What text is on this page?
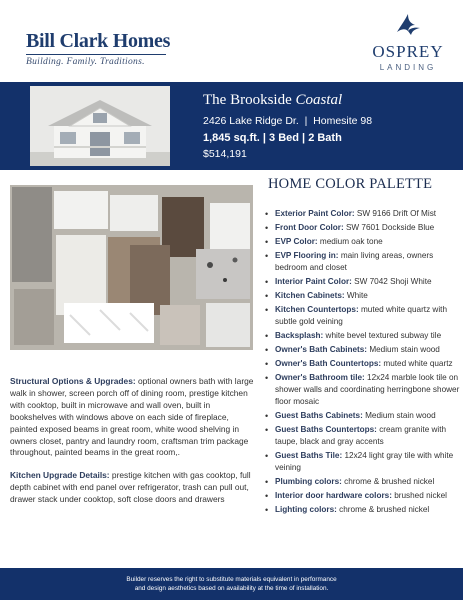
Bill Clark Homes
Building. Family. Traditions.
OSPREY
LANDING
The Brookside Coastal
2426 Lake Ridge Dr. | Homesite 98
1,845 sq.ft. | 3 Bed | 2 Bath
$514,191
HOME COLOR PALETTE
• Exterior Paint Color: SW 9166 Drift Of Mist
• Front Door Color: SW 7601 Dockside Blue
• EVP Color: medium oak tone
• EVP Flooring in: main living areas, owners bedroom and closet
• Interior Paint Color: SW 7042 Shoji White
• Kitchen Cabinets: White
• Kitchen Countertops: muted white quartz with subtle gold veining
• Backsplash: white bevel textured subway tile
• Owner's Bath Cabinets: Medium stain wood
• Owner's Bath Countertops: muted white quartz
• Owner's Bathroom tile: 12x24 marble look tile on shower walls and coordinating herringbone shower floor mosaic
• Guest Baths Cabinets: Medium stain wood
• Guest Baths Countertops: cream granite with taupe, black and gray accents
• Guest Baths Tile: 12x24 light gray tile with white veining
• Plumbing colors: chrome & brushed nickel
• Interior door hardware colors: brushed nickel
• Lighting colors: chrome & brushed nickel

Structural Options & Upgrades: optional owners bath with large walk in shower, screen porch off of dining room, prestige kitchen with cooktop, built in microwave and wall oven, built in bookshelves with windows above on each side of fireplace, painted exposed beams in great room, white wood shelving in owners closet, pantry and laundry room, craftsman trim package throughout, painted beams in the great room,.

Kitchen Upgrade Details: prestige kitchen with gas cooktop, full depth cabinet with end panel over refrigerator, trash can pull out, drawer stack under cooktop, soft close doors and drawers

Builder reserves the right to substitute materials equivalent in performance
and design aesthetics based on availability at the time of installation.
